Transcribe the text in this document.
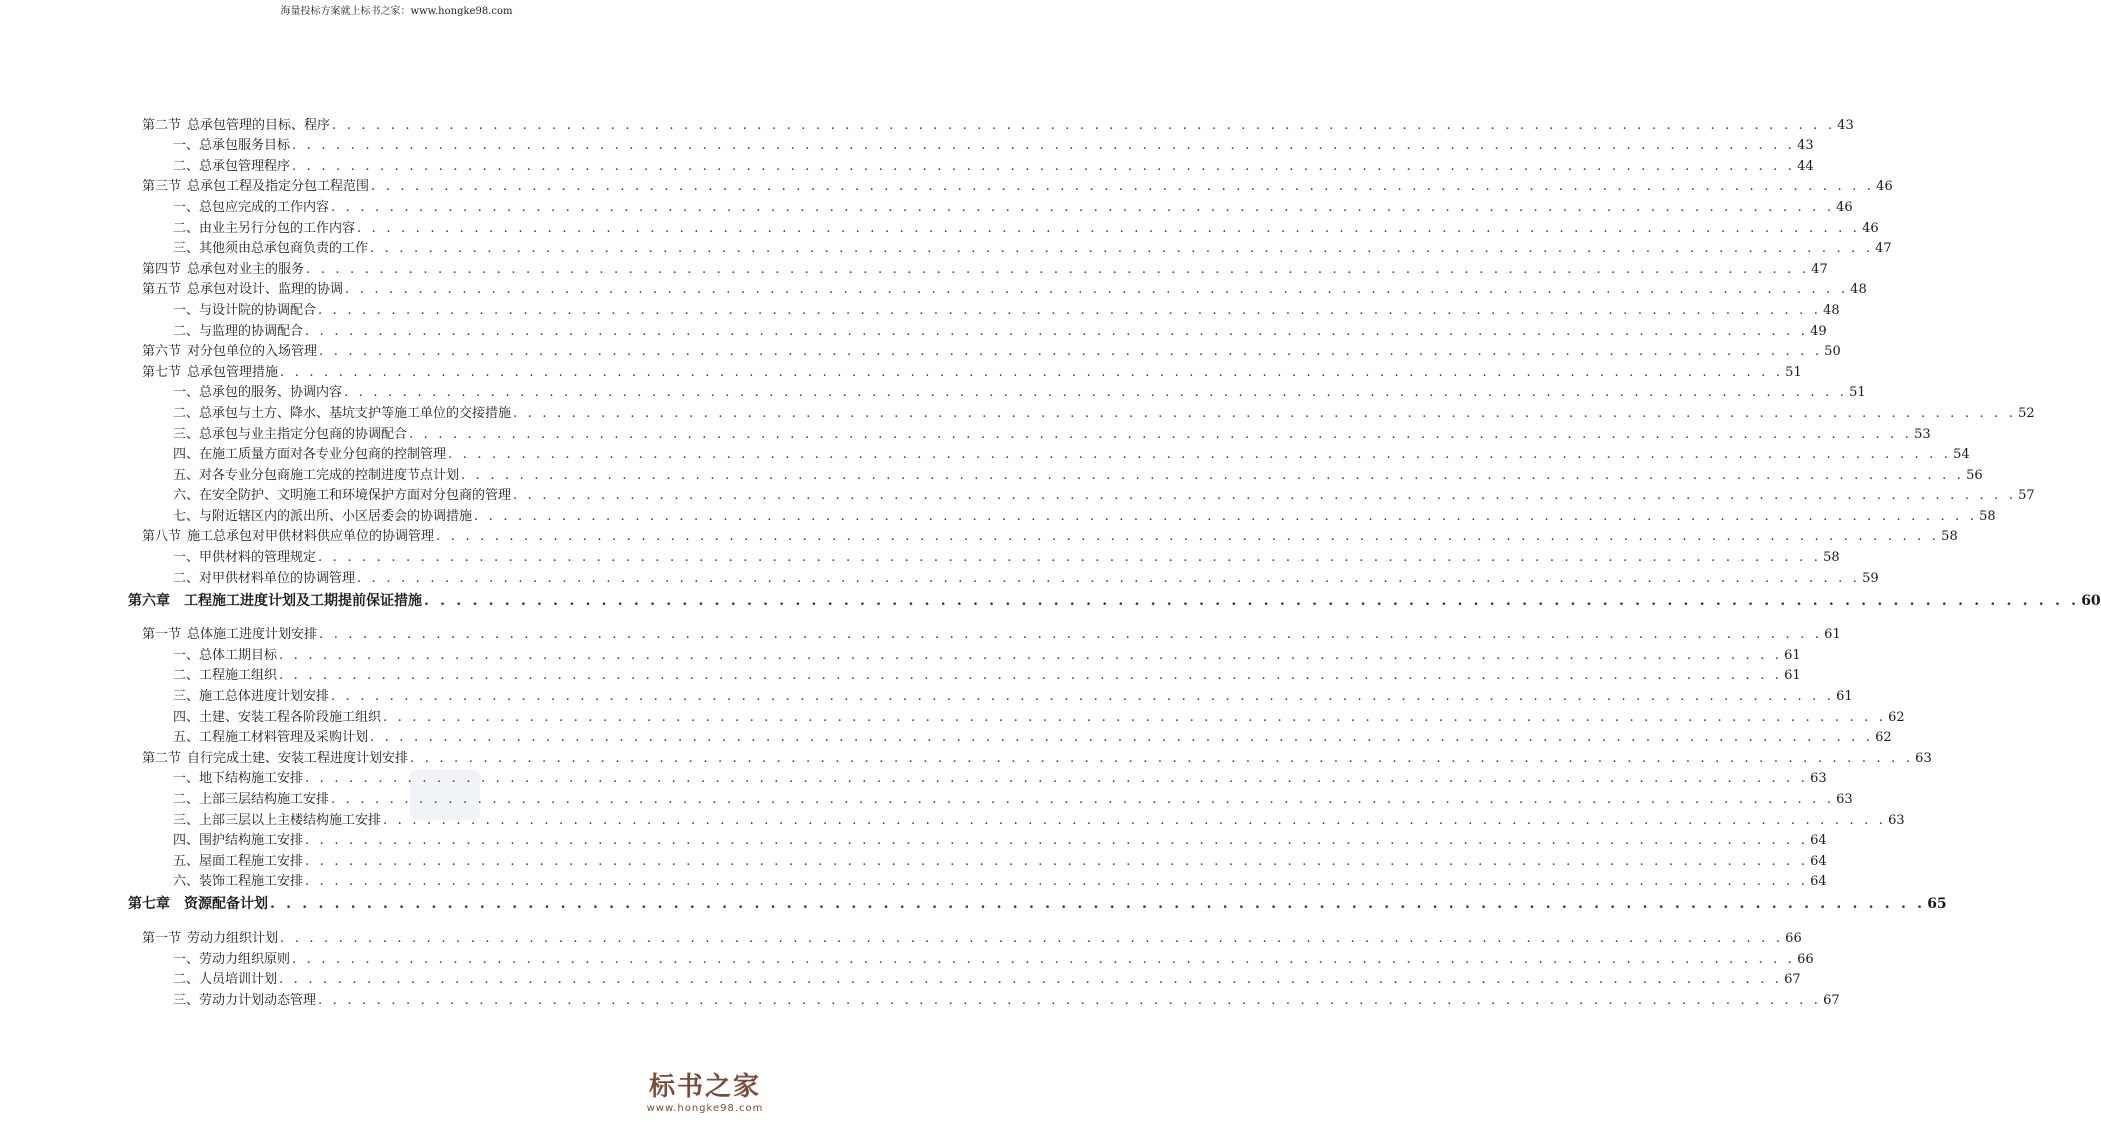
海量投标方案就上标书之家：www.hongke98.com
第二节 总承包管理的目标、程序 . . . . . . . . . . . . . . . . . . . . . . . . . . . . . . . . . . . . . . . . . . . . . . . . . . . . . . . . . . . . . . . . . . . . . . . . . . . . . . . . . . . . . . . . . . . . . . . . . . . . . . . 43
一、总承包服务目标 . . . . . . . . . . . . . . . . . . . . . . . . . . . . . . . . . . . . . . . . . . . . . . . . . . . . . . . . . . . . . . . . . . . . . . . . . . . . . . . . . . . . . . . . . . . . . . . . . . . . . . . 43
二、总承包管理程序 . . . . . . . . . . . . . . . . . . . . . . . . . . . . . . . . . . . . . . . . . . . . . . . . . . . . . . . . . . . . . . . . . . . . . . . . . . . . . . . . . . . . . . . . . . . . . . . . . . . . . . . 44
第三节 总承包工程及指定分包工程范围 . . . . . . . . . . . . . . . . . . . . . . . . . . . . . . . . . . . . . . . . . . . . . . . . . . . . . . . . . . . . . . . . . . . . . . . . . . . . . . . . . . . . . . . . . . . . . . . . . . . . . . . 46
一、总包应完成的工作内容 . . . . . . . . . . . . . . . . . . . . . . . . . . . . . . . . . . . . . . . . . . . . . . . . . . . . . . . . . . . . . . . . . . . . . . . . . . . . . . . . . . . . . . . . . . . . . . . . . . . . . . . 46
二、由业主另行分包的工作内容 . . . . . . . . . . . . . . . . . . . . . . . . . . . . . . . . . . . . . . . . . . . . . . . . . . . . . . . . . . . . . . . . . . . . . . . . . . . . . . . . . . . . . . . . . . . . . . . . . . . . . . . 46
三、其他须由总承包商负责的工作 . . . . . . . . . . . . . . . . . . . . . . . . . . . . . . . . . . . . . . . . . . . . . . . . . . . . . . . . . . . . . . . . . . . . . . . . . . . . . . . . . . . . . . . . . . . . . . . . . . . . . . . 47
第四节 总承包对业主的服务 . . . . . . . . . . . . . . . . . . . . . . . . . . . . . . . . . . . . . . . . . . . . . . . . . . . . . . . . . . . . . . . . . . . . . . . . . . . . . . . . . . . . . . . . . . . . . . . . . . . . . . . 47
第五节 总承包对设计、监理的协调 . . . . . . . . . . . . . . . . . . . . . . . . . . . . . . . . . . . . . . . . . . . . . . . . . . . . . . . . . . . . . . . . . . . . . . . . . . . . . . . . . . . . . . . . . . . . . . . . . . . . . . . 48
一、与设计院的协调配合 . . . . . . . . . . . . . . . . . . . . . . . . . . . . . . . . . . . . . . . . . . . . . . . . . . . . . . . . . . . . . . . . . . . . . . . . . . . . . . . . . . . . . . . . . . . . . . . . . . . . . . . 48
二、与监理的协调配合 . . . . . . . . . . . . . . . . . . . . . . . . . . . . . . . . . . . . . . . . . . . . . . . . . . . . . . . . . . . . . . . . . . . . . . . . . . . . . . . . . . . . . . . . . . . . . . . . . . . . . . . 49
第六节 对分包单位的入场管理 . . . . . . . . . . . . . . . . . . . . . . . . . . . . . . . . . . . . . . . . . . . . . . . . . . . . . . . . . . . . . . . . . . . . . . . . . . . . . . . . . . . . . . . . . . . . . . . . . . . . . . . 50
第七节 总承包管理措施 . . . . . . . . . . . . . . . . . . . . . . . . . . . . . . . . . . . . . . . . . . . . . . . . . . . . . . . . . . . . . . . . . . . . . . . . . . . . . . . . . . . . . . . . . . . . . . . . . . . . . . . 51
一、总承包的服务、协调内容 . . . . . . . . . . . . . . . . . . . . . . . . . . . . . . . . . . . . . . . . . . . . . . . . . . . . . . . . . . . . . . . . . . . . . . . . . . . . . . . . . . . . . . . . . . . . . . . . . . . . . . . 51
二、总承包与土方、降水、基坑支护等施工单位的交接措施 . . . . . . . . . . . . . . . . . . . . . . . . . . . . . . . . . . . . . . . . . . . . . . . . . . . . . . . . . . . . . . . . . . . . . . . . . . . . . . . . . . . . . . . . . . . . . . . . . . . . . . . 52
三、总承包与业主指定分包商的协调配合 . . . . . . . . . . . . . . . . . . . . . . . . . . . . . . . . . . . . . . . . . . . . . . . . . . . . . . . . . . . . . . . . . . . . . . . . . . . . . . . . . . . . . . . . . . . . . . . . . . . . . . . 53
四、在施工质量方面对各专业分包商的控制管理 . . . . . . . . . . . . . . . . . . . . . . . . . . . . . . . . . . . . . . . . . . . . . . . . . . . . . . . . . . . . . . . . . . . . . . . . . . . . . . . . . . . . . . . . . . . . . . . . . . . . . . . 54
五、对各专业分包商施工完成的控制进度节点计划 . . . . . . . . . . . . . . . . . . . . . . . . . . . . . . . . . . . . . . . . . . . . . . . . . . . . . . . . . . . . . . . . . . . . . . . . . . . . . . . . . . . . . . . . . . . . . . . . . . . . . . . 56
六、在安全防护、文明施工和环境保护方面对分包商的管理 . . . . . . . . . . . . . . . . . . . . . . . . . . . . . . . . . . . . . . . . . . . . . . . . . . . . . . . . . . . . . . . . . . . . . . . . . . . . . . . . . . . . . . . . . . . . . . . . . . . . . . . 57
七、与附近辖区内的派出所、小区居委会的协调措施 . . . . . . . . . . . . . . . . . . . . . . . . . . . . . . . . . . . . . . . . . . . . . . . . . . . . . . . . . . . . . . . . . . . . . . . . . . . . . . . . . . . . . . . . . . . . . . . . . . . . . . . 58
第八节 施工总承包对甲供材料供应单位的协调管理 . . . . . . . . . . . . . . . . . . . . . . . . . . . . . . . . . . . . . . . . . . . . . . . . . . . . . . . . . . . . . . . . . . . . . . . . . . . . . . . . . . . . . . . . . . . . . . . . . . . . . . . 58
一、甲供材料的管理规定 . . . . . . . . . . . . . . . . . . . . . . . . . . . . . . . . . . . . . . . . . . . . . . . . . . . . . . . . . . . . . . . . . . . . . . . . . . . . . . . . . . . . . . . . . . . . . . . . . . . . . . . 58
二、对甲供材料单位的协调管理 . . . . . . . . . . . . . . . . . . . . . . . . . . . . . . . . . . . . . . . . . . . . . . . . . . . . . . . . . . . . . . . . . . . . . . . . . . . . . . . . . . . . . . . . . . . . . . . . . . . . . . . 59
第六章 工程施工进度计划及工期提前保证措施 . . . . . . . . . . . . . . . . . . . . . . . . . . . . . . . . . . . . . . . . . . . . . . . . . . . . . . . . . . . . . . . . . . . . . . . . . . . . . . . . . . . . . . . . . . . . . . . . . . . . . . . 60
第一节 总体施工进度计划安排 . . . . . . . . . . . . . . . . . . . . . . . . . . . . . . . . . . . . . . . . . . . . . . . . . . . . . . . . . . . . . . . . . . . . . . . . . . . . . . . . . . . . . . . . . . . . . . . . . . . . . . . 61
一、总体工期目标 . . . . . . . . . . . . . . . . . . . . . . . . . . . . . . . . . . . . . . . . . . . . . . . . . . . . . . . . . . . . . . . . . . . . . . . . . . . . . . . . . . . . . . . . . . . . . . . . . . . . . . . 61
二、工程施工组织 . . . . . . . . . . . . . . . . . . . . . . . . . . . . . . . . . . . . . . . . . . . . . . . . . . . . . . . . . . . . . . . . . . . . . . . . . . . . . . . . . . . . . . . . . . . . . . . . . . . . . . . 61
三、施工总体进度计划安排 . . . . . . . . . . . . . . . . . . . . . . . . . . . . . . . . . . . . . . . . . . . . . . . . . . . . . . . . . . . . . . . . . . . . . . . . . . . . . . . . . . . . . . . . . . . . . . . . . . . . . . . 61
四、土建、安装工程各阶段施工组织 . . . . . . . . . . . . . . . . . . . . . . . . . . . . . . . . . . . . . . . . . . . . . . . . . . . . . . . . . . . . . . . . . . . . . . . . . . . . . . . . . . . . . . . . . . . . . . . . . . . . . . . 62
五、工程施工材料管理及采购计划 . . . . . . . . . . . . . . . . . . . . . . . . . . . . . . . . . . . . . . . . . . . . . . . . . . . . . . . . . . . . . . . . . . . . . . . . . . . . . . . . . . . . . . . . . . . . . . . . . . . . . . . 62
第二节 自行完成土建、安装工程进度计划安排 . . . . . . . . . . . . . . . . . . . . . . . . . . . . . . . . . . . . . . . . . . . . . . . . . . . . . . . . . . . . . . . . . . . . . . . . . . . . . . . . . . . . . . . . . . . . . . . . . . . . . . . 63
一、地下结构施工安排 . . . . . . . . . . . . . . . . . . . . . . . . . . . . . . . . . . . . . . . . . . . . . . . . . . . . . . . . . . . . . . . . . . . . . . . . . . . . . . . . . . . . . . . . . . . . . . . . . . . . . . . 63
二、上部三层结构施工安排 . . . . . . . . . . . . . . . . . . . . . . . . . . . . . . . . . . . . . . . . . . . . . . . . . . . . . . . . . . . . . . . . . . . . . . . . . . . . . . . . . . . . . . . . . . . . . . . . . . . . . . . 63
三、上部三层以上主楼结构施工安排 . . . . . . . . . . . . . . . . . . . . . . . . . . . . . . . . . . . . . . . . . . . . . . . . . . . . . . . . . . . . . . . . . . . . . . . . . . . . . . . . . . . . . . . . . . . . . . . . . . . . . . . 63
四、围护结构施工安排 . . . . . . . . . . . . . . . . . . . . . . . . . . . . . . . . . . . . . . . . . . . . . . . . . . . . . . . . . . . . . . . . . . . . . . . . . . . . . . . . . . . . . . . . . . . . . . . . . . . . . . . 64
五、屋面工程施工安排 . . . . . . . . . . . . . . . . . . . . . . . . . . . . . . . . . . . . . . . . . . . . . . . . . . . . . . . . . . . . . . . . . . . . . . . . . . . . . . . . . . . . . . . . . . . . . . . . . . . . . . . 64
六、装饰工程施工安排 . . . . . . . . . . . . . . . . . . . . . . . . . . . . . . . . . . . . . . . . . . . . . . . . . . . . . . . . . . . . . . . . . . . . . . . . . . . . . . . . . . . . . . . . . . . . . . . . . . . . . . . 64
第七章 资源配备计划 . . . . . . . . . . . . . . . . . . . . . . . . . . . . . . . . . . . . . . . . . . . . . . . . . . . . . . . . . . . . . . . . . . . . . . . . . . . . . . . . . . . . . . . . . . . . . . . . . . . . . . . 65
第一节 劳动力组织计划 . . . . . . . . . . . . . . . . . . . . . . . . . . . . . . . . . . . . . . . . . . . . . . . . . . . . . . . . . . . . . . . . . . . . . . . . . . . . . . . . . . . . . . . . . . . . . . . . . . . . . . . 66
一、劳动力组织原则 . . . . . . . . . . . . . . . . . . . . . . . . . . . . . . . . . . . . . . . . . . . . . . . . . . . . . . . . . . . . . . . . . . . . . . . . . . . . . . . . . . . . . . . . . . . . . . . . . . . . . . . 66
二、人员培训计划 . . . . . . . . . . . . . . . . . . . . . . . . . . . . . . . . . . . . . . . . . . . . . . . . . . . . . . . . . . . . . . . . . . . . . . . . . . . . . . . . . . . . . . . . . . . . . . . . . . . . . . . 67
三、劳动力计划动态管理 . . . . . . . . . . . . . . . . . . . . . . . . . . . . . . . . . . . . . . . . . . . . . . . . . . . . . . . . . . . . . . . . . . . . . . . . . . . . . . . . . . . . . . . . . . . . . . . . . . . . . . . 67
标书之家
www.hongke98.com
